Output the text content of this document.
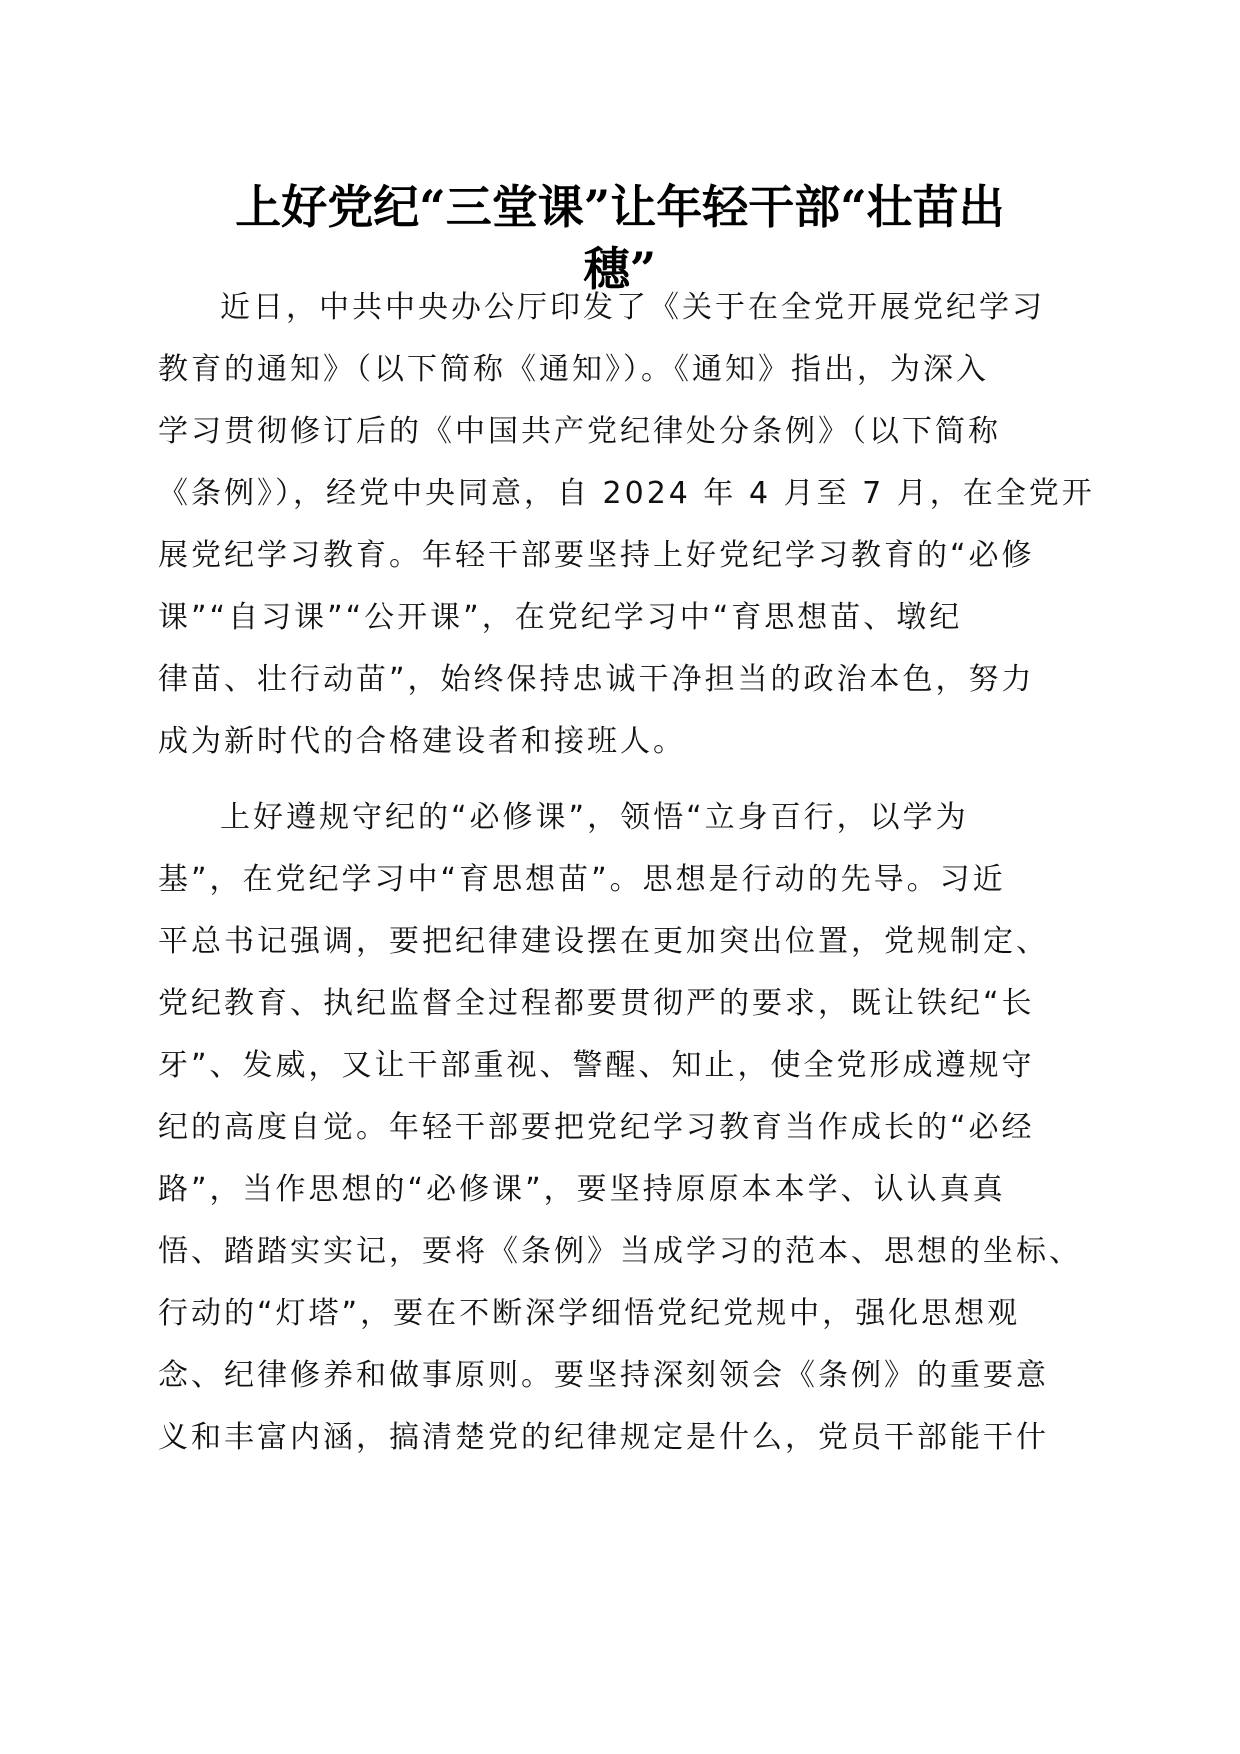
上好党纪“三堂课”让年轻干部“壮苗出
穗”

近日，中共中央办公厅印发了《关于在全党开展党纪学习

教育的通知》（以下简称《通知》）。《通知》指出，为深入

学习贯彻修订后的《中国共产党纪律处分条例》（以下简称

《条例》），经党中央同意，自 2024 年 4 月至 7 月，在全党开

展党纪学习教育。年轻干部要坚持上好党纪学习教育的“必修

课”“自习课”“公开课”，在党纪学习中“育思想苗、墩纪

律苗、壮行动苗”，始终保持忠诚干净担当的政治本色，努力

成为新时代的合格建设者和接班人。

上好遵规守纪的“必修课”，领悟“立身百行，以学为

基”，在党纪学习中“育思想苗”。思想是行动的先导。习近

平总书记强调，要把纪律建设摆在更加突出位置，党规制定、

党纪教育、执纪监督全过程都要贯彻严的要求，既让铁纪“长

牙”、发威，又让干部重视、警醒、知止，使全党形成遵规守

纪的高度自觉。年轻干部要把党纪学习教育当作成长的“必经

路”，当作思想的“必修课”，要坚持原原本本学、认认真真

悟、踏踏实实记，要将《条例》当成学习的范本、思想的坐标、

行动的“灯塔”，要在不断深学细悟党纪党规中，强化思想观

念、纪律修养和做事原则。要坚持深刻领会《条例》的重要意

义和丰富内涵，搞清楚党的纪律规定是什么，党员干部能干什
